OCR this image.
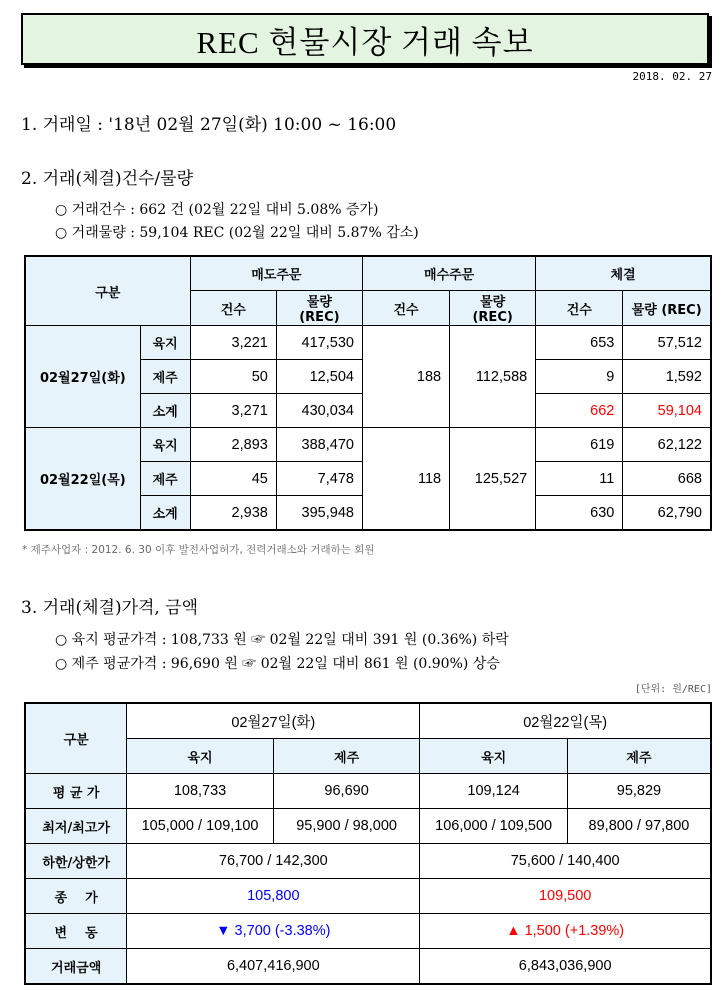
REC 현물시장 거래 속보
2018. 02. 27
1. 거래일 : '18년 02월 27일(화) 10:00 ~ 16:00
2. 거래(체결)건수/물량
○ 거래건수 : 662 건 (02월 22일 대비 5.08% 증가)
○ 거래물량 : 59,104 REC (02월 22일 대비 5.87% 감소)
구분		매도주문		매수주문		체결	
		건수	물량 (REC)	건수	물량 (REC)	건수	물량 (REC)
02월27일(화)	육지	3,221	417,530	188	112,588	653	57,512
	제주	50	12,504			9	1,592
	소계	3,271	430,034			662	59,104
02월22일(목)	육지	2,893	388,470	118	125,527	619	62,122
	제주	45	7,478			11	668
	소계	2,938	395,948			630	62,790
* 제주사업자 : 2012. 6. 30 이후 발전사업허가, 전력거래소와 거래하는 회원
3. 거래(체결)가격, 금액
○ 육지 평균가격 : 108,733 원 ☞ 02월 22일 대비 391 원 (0.36%) 하락
○ 제주 평균가격 : 96,690 원 ☞ 02월 22일 대비 861 원 (0.90%) 상승
[단위: 원/REC]
구분	02월27일(화)		02월22일(목)	
	육지	제주	육지	제주
평 균 가	108,733	96,690	109,124	95,829
최저/최고가	105,000 / 109,100	95,900 / 98,000	106,000 / 109,500	89,800 / 97,800
하한/상한가	76,700 / 142,300		75,600 / 140,400	
종    가	105,800		109,500	
변    동	▼ 3,700 (-3.38%)		▲ 1,500 (+1.39%)	
거래금액	6,407,416,900		6,843,036,900	
